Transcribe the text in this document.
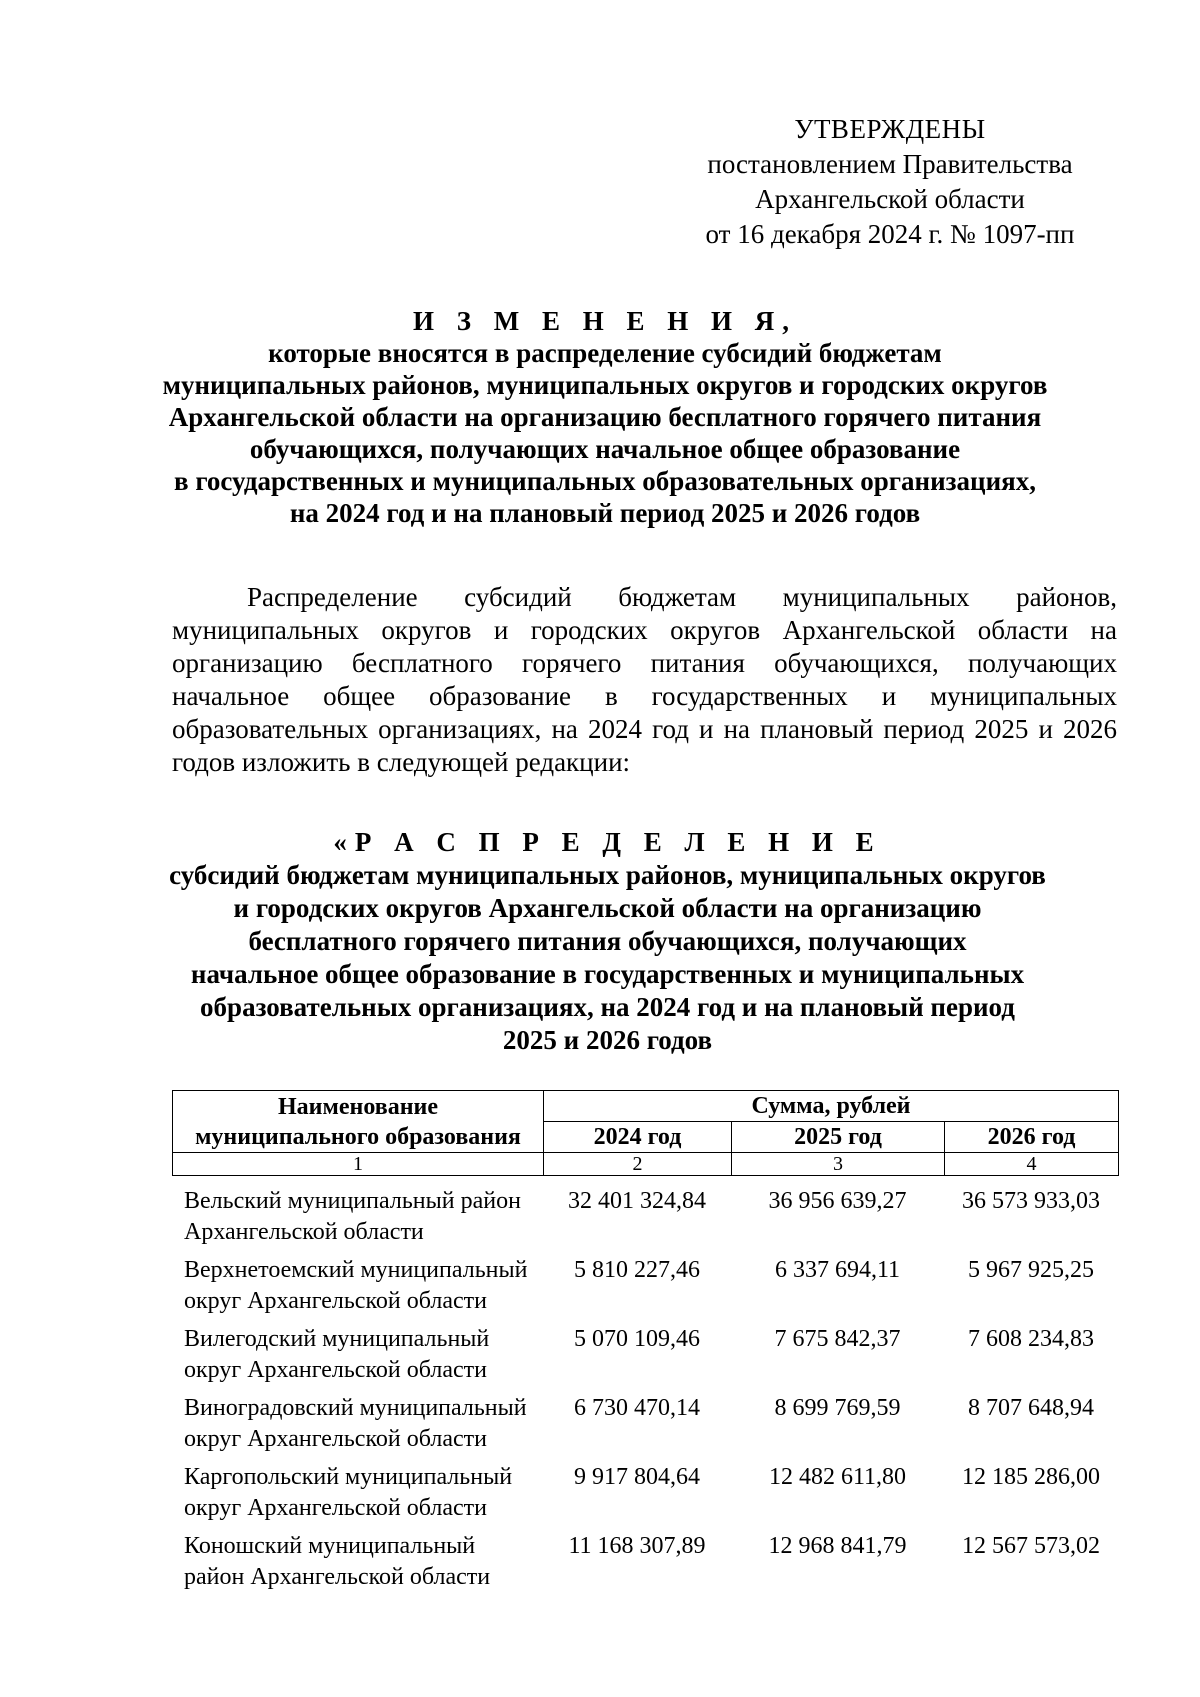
УТВЕРЖДЕНЫ
постановлением Правительства
Архангельской области
от 16 декабря 2024 г. № 1097-пп
И З М Е Н Е Н И Я,
которые вносятся в распределение субсидий бюджетам
муниципальных районов, муниципальных округов и городских округов
Архангельской области на организацию бесплатного горячего питания
обучающихся, получающих начальное общее образование
в государственных и муниципальных образовательных организациях,
на 2024 год и на плановый период 2025 и 2026 годов
Распределение субсидий бюджетам муниципальных районов, муниципальных округов и городских округов Архангельской области на организацию бесплатного горячего питания обучающихся, получающих начальное общее образование в государственных и муниципальных образовательных организациях, на 2024 год и на плановый период 2025 и 2026 годов изложить в следующей редакции:
«Р А С П Р Е Д Е Л Е Н И Е
субсидий бюджетам муниципальных районов, муниципальных округов
и городских округов Архангельской области на организацию
бесплатного горячего питания обучающихся, получающих
начальное общее образование в государственных и муниципальных
образовательных организациях, на 2024 год и на плановый период
2025 и 2026 годов
Наименование
муниципального образования	Сумма, рублей		
	2024 год	2025 год	2026 год
1	2	3	4
Вельский муниципальный район
Архангельской области	32 401 324,84	36 956 639,27	36 573 933,03

Верхнетоемский муниципальный
округ Архангельской области	5 810 227,46	6 337 694,11	5 967 925,25

Вилегодский муниципальный
округ Архангельской области	5 070 109,46	7 675 842,37	7 608 234,83

Виноградовский муниципальный
округ Архангельской области	6 730 470,14	8 699 769,59	8 707 648,94

Каргопольский муниципальный
округ Архангельской области	9 917 804,64	12 482 611,80	12 185 286,00

Коношский муниципальный
район Архангельской области	11 168 307,89	12 968 841,79	12 567 573,02
